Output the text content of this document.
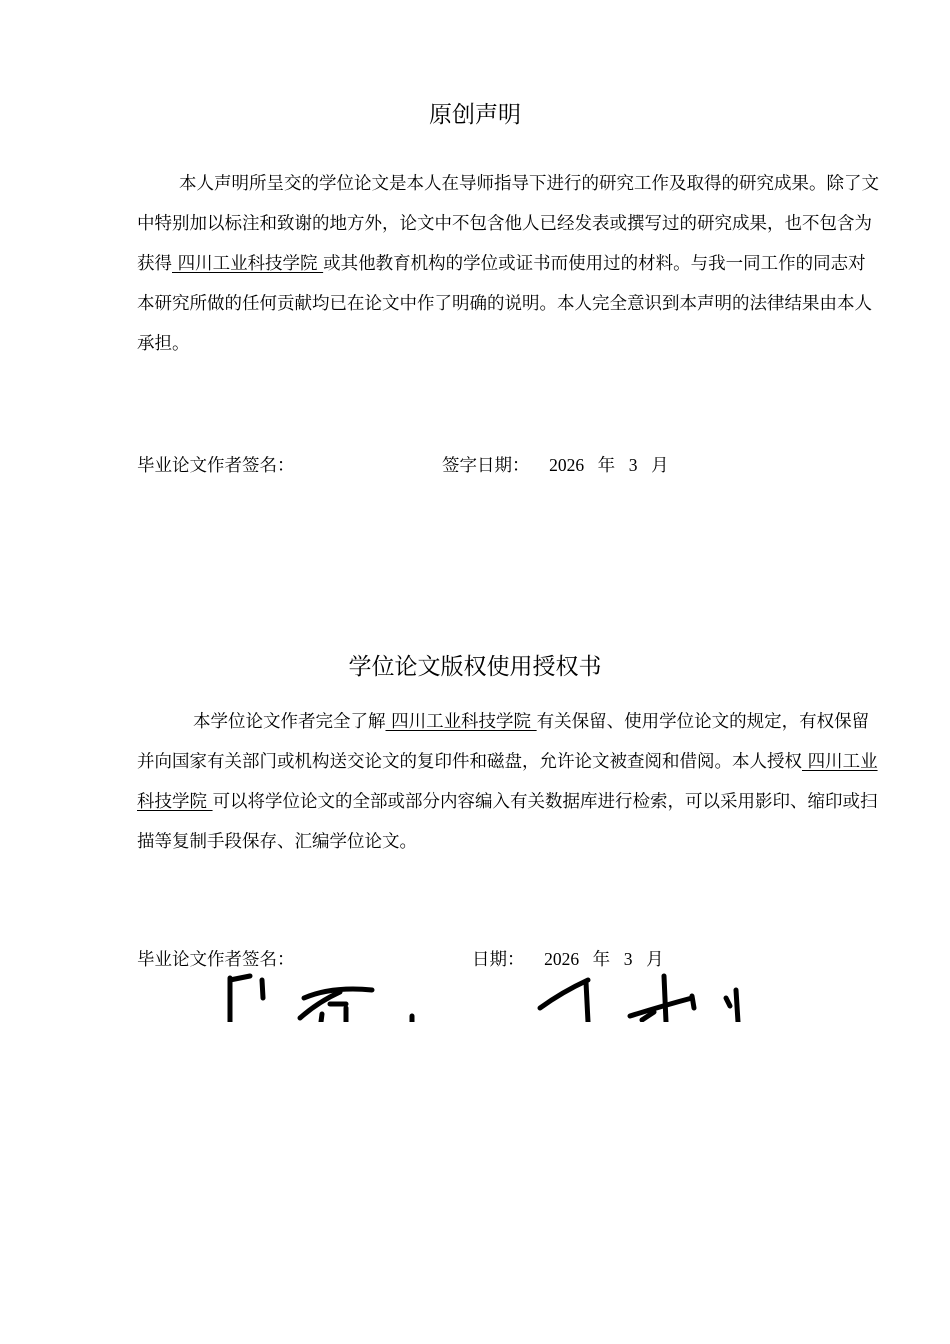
原创声明

本人声明所呈交的学位论文是本人在导师指导下进行的研究工作及取得的研究成果。除了文中特别加以标注和致谢的地方外，论文中不包含他人已经发表或撰写过的研究成果，也不包含为获得 四川工业科技学院 或其他教育机构的学位或证书而使用过的材料。与我一同工作的同志对本研究所做的任何贡献均已在论文中作了明确的说明。本人完全意识到本声明的法律结果由本人承担。

毕业论文作者签名：	签字日期： 2026 年 3 月
学位论文版权使用授权书

本学位论文作者完全了解 四川工业科技学院 有关保留、使用学位论文的规定，有权保留并向国家有关部门或机构送交论文的复印件和磁盘，允许论文被查阅和借阅。本人授权 四川工业科技学院 可以将学位论文的全部或部分内容编入有关数据库进行检索，可以采用影印、缩印或扫描等复制手段保存、汇编学位论文。

毕业论文作者签名：	日期： 2026 年 3 月
